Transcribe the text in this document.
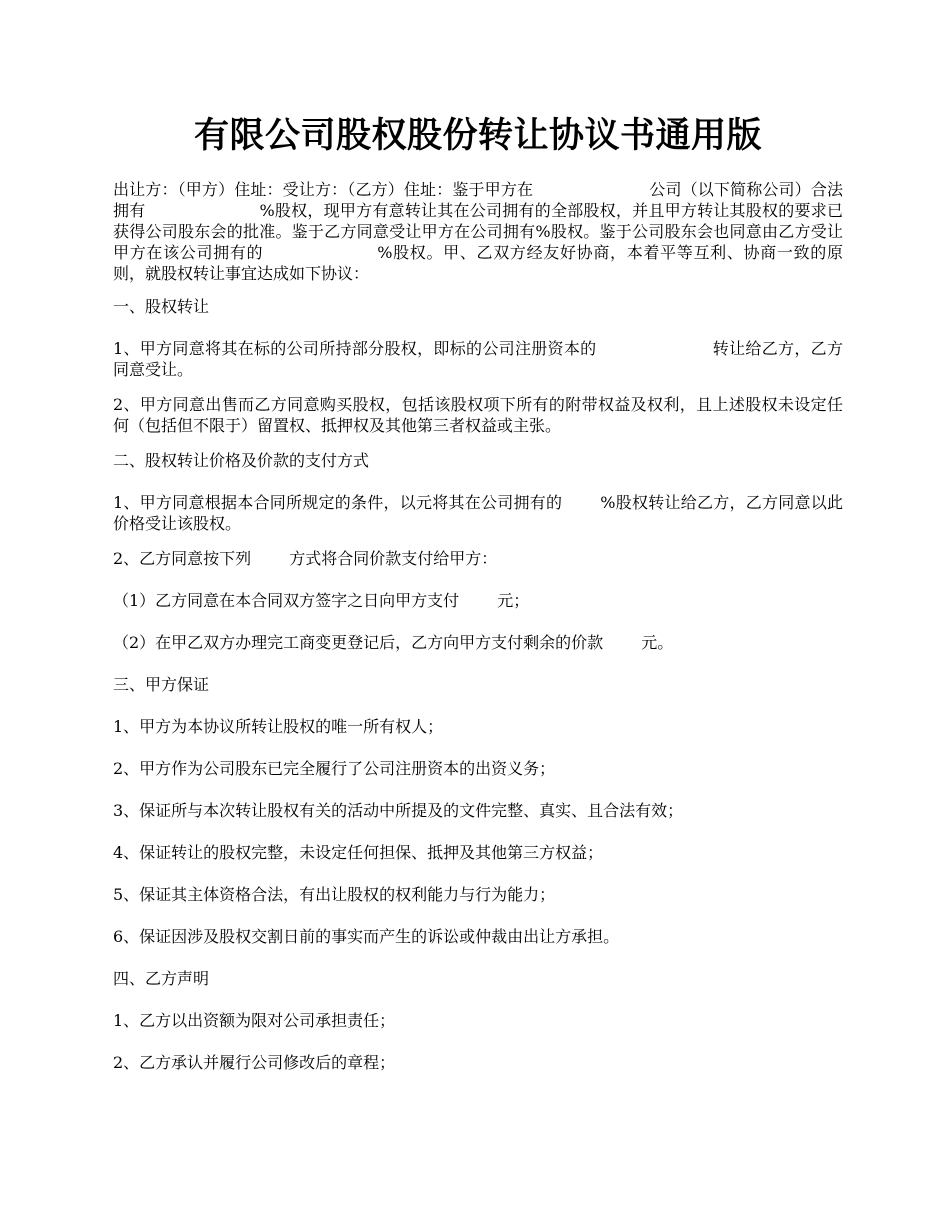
有限公司股权股份转让协议书通用版

出让方：（甲方）住址：受让方：（乙方）住址：鉴于甲方在	公司（以下简称公司）合法拥有	%股权，现甲方有意转让其在公司拥有的全部股权，并且甲方转让其股权的要求已获得公司股东会的批准。鉴于乙方同意受让甲方在公司拥有%股权。鉴于公司股东会也同意由乙方受让甲方在该公司拥有的	%股权。甲、乙双方经友好协商，本着平等互利、协商一致的原则，就股权转让事宜达成如下协议：

一、股权转让

1、甲方同意将其在标的公司所持部分股权，即标的公司注册资本的	转让给乙方，乙方同意受让。

2、甲方同意出售而乙方同意购买股权，包括该股权项下所有的附带权益及权利，且上述股权未设定任何（包括但不限于）留置权、抵押权及其他第三者权益或主张。

二、股权转让价格及价款的支付方式

1、甲方同意根据本合同所规定的条件，以元将其在公司拥有的 %股权转让给乙方，乙方同意以此价格受让该股权。

2、乙方同意按下列 方式将合同价款支付给甲方：

（1）乙方同意在本合同双方签字之日向甲方支付 元；

（2）在甲乙双方办理完工商变更登记后，乙方向甲方支付剩余的价款 元。

三、甲方保证

1、甲方为本协议所转让股权的唯一所有权人；

2、甲方作为公司股东已完全履行了公司注册资本的出资义务；

3、保证所与本次转让股权有关的活动中所提及的文件完整、真实、且合法有效；

4、保证转让的股权完整，未设定任何担保、抵押及其他第三方权益；

5、保证其主体资格合法，有出让股权的权利能力与行为能力；

6、保证因涉及股权交割日前的事实而产生的诉讼或仲裁由出让方承担。

四、乙方声明

1、乙方以出资额为限对公司承担责任；

2、乙方承认并履行公司修改后的章程；
